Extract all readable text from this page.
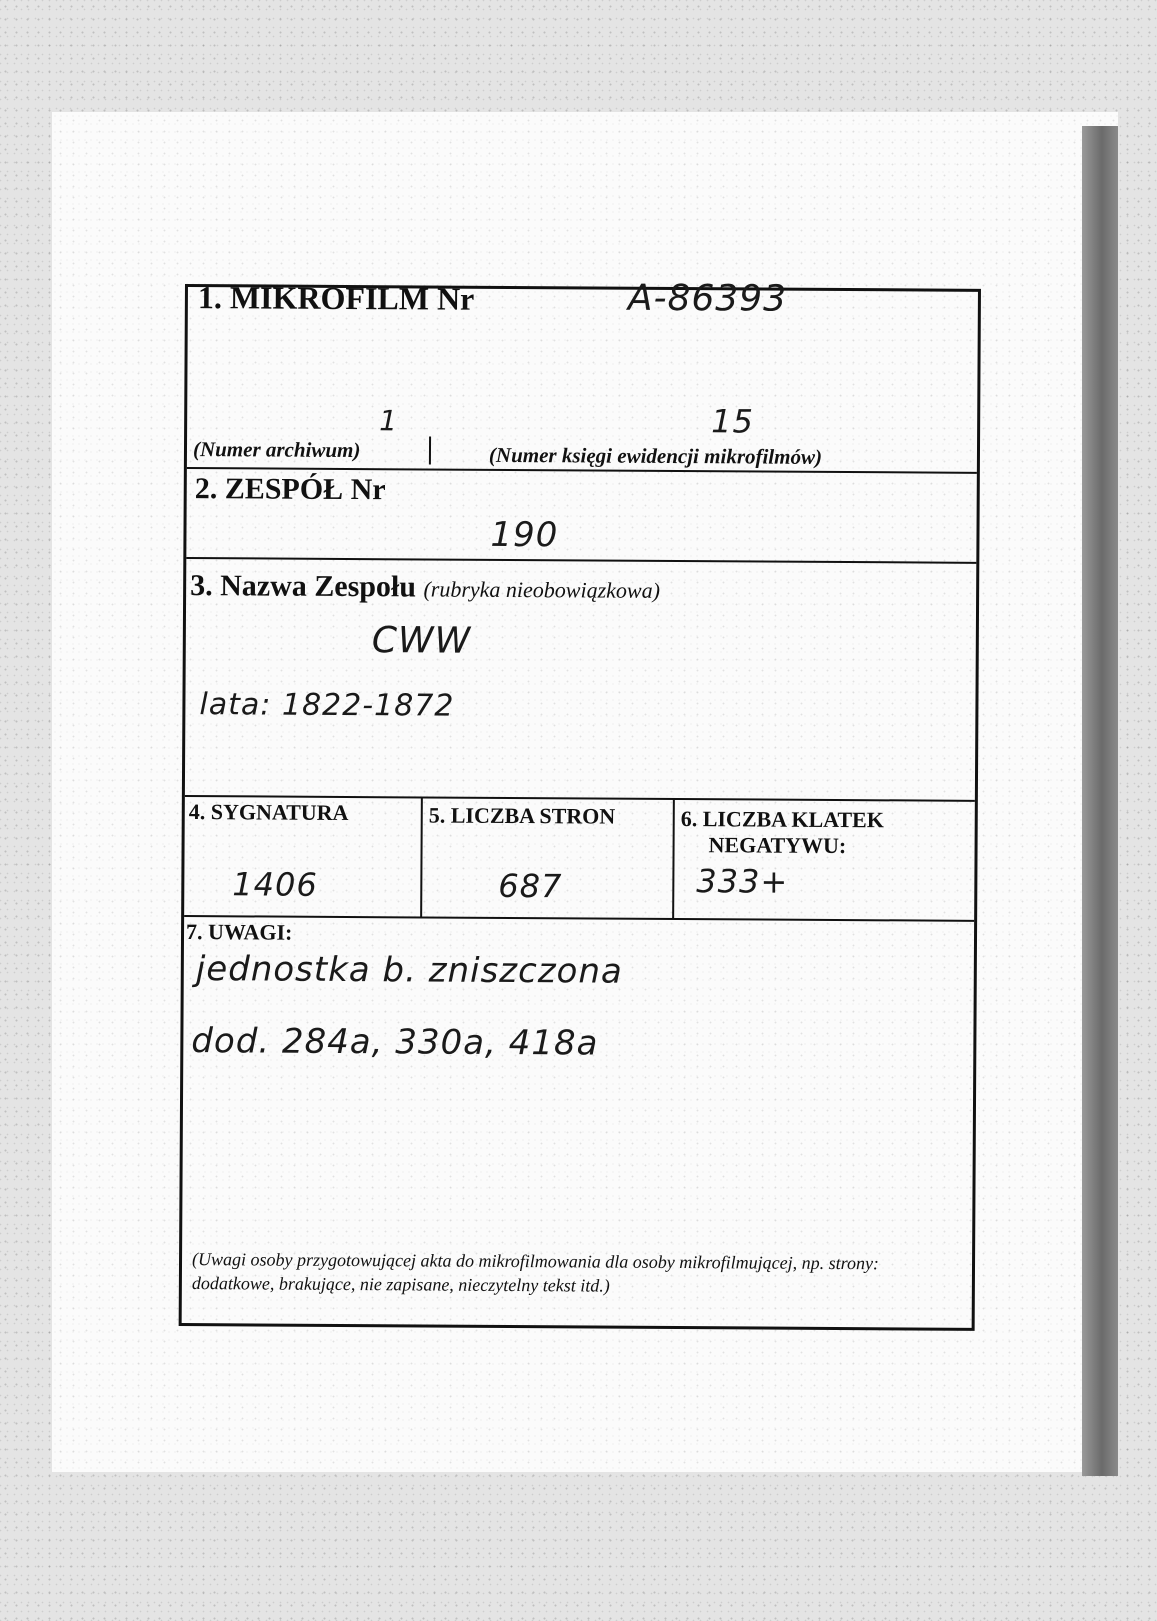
1. MIKROFILM Nr	A-86393
1	15
(Numer archiwum)	(Numer księgi ewidencji mikrofilmów)
2. ZESPÓŁ Nr
190
3. Nazwa Zespołu (rubryka nieobowiązkowa)
CWW
lata: 1822-1872
4. SYGNATURA
1406
5. LICZBA STRON
687
6. LICZBA KLATEK
NEGATYWU:
333+
7. UWAGI:
jednostka b. zniszczona
dod. 284a, 330a, 418a
(Uwagi osoby przygotowującej akta do mikrofilmowania dla osoby mikrofilmującej, np. strony: dodatkowe, brakujące, nie zapisane, nieczytelny tekst itd.)
